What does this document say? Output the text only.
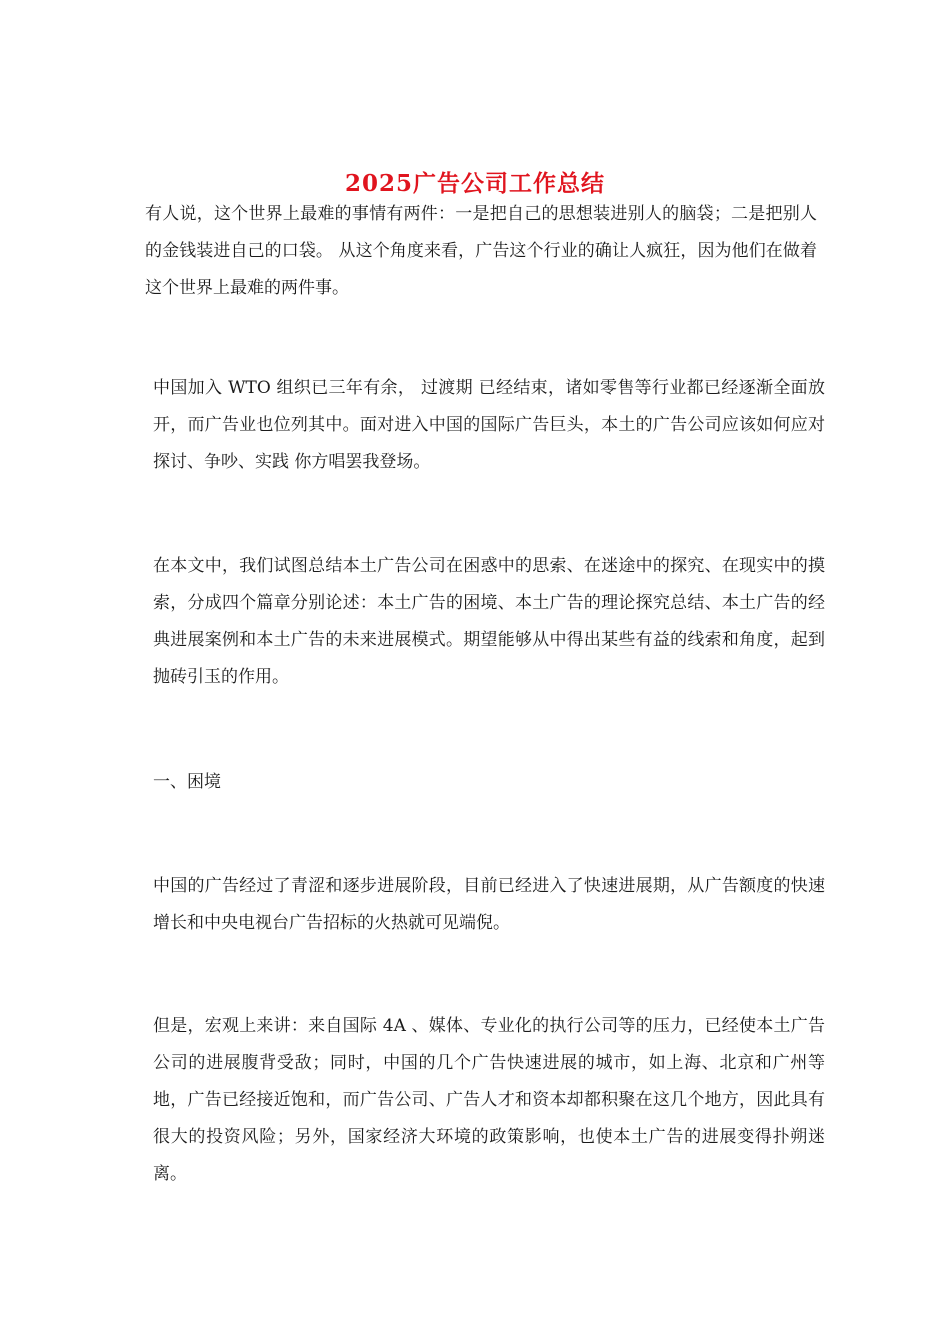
2025广告公司工作总结

有人说，这个世界上最难的事情有两件：一是把自己的思想装进别人的脑袋；二是把别人的金钱装进自己的口袋。 从这个角度来看，广告这个行业的确让人疯狂，因为他们在做着这个世界上最难的两件事。

中国加入 WTO 组织已三年有余， 过渡期 已经结束，诸如零售等行业都已经逐渐全面放开，而广告业也位列其中。面对进入中国的国际广告巨头，本土的广告公司应该如何应对 探讨、争吵、实践 你方唱罢我登场。

在本文中，我们试图总结本土广告公司在困惑中的思索、在迷途中的探究、在现实中的摸索，分成四个篇章分别论述：本土广告的困境、本土广告的理论探究总结、本土广告的经典进展案例和本土广告的未来进展模式。期望能够从中得出某些有益的线索和角度，起到抛砖引玉的作用。

一、困境

中国的广告经过了青涩和逐步进展阶段，目前已经进入了快速进展期，从广告额度的快速增长和中央电视台广告招标的火热就可见端倪。

但是，宏观上来讲：来自国际 4A 、媒体、专业化的执行公司等的压力，已经使本土广告公司的进展腹背受敌；同时，中国的几个广告快速进展的城市，如上海、北京和广州等地，广告已经接近饱和，而广告公司、广告人才和资本却都积聚在这几个地方，因此具有很大的投资风险；另外，国家经济大环境的政策影响，也使本土广告的进展变得扑朔迷离。
